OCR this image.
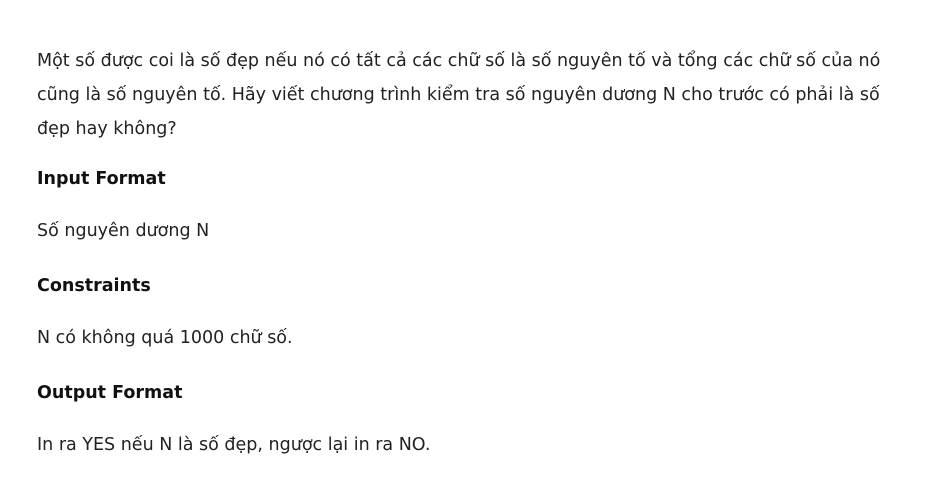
Một số được coi là số đẹp nếu nó có tất cả các chữ số là số nguyên tố và tổng các chữ số của nó cũng là số nguyên tố. Hãy viết chương trình kiểm tra số nguyên dương N cho trước có phải là số đẹp hay không?

Input Format

Số nguyên dương N

Constraints

N có không quá 1000 chữ số.

Output Format

In ra YES nếu N là số đẹp, ngược lại in ra NO.
